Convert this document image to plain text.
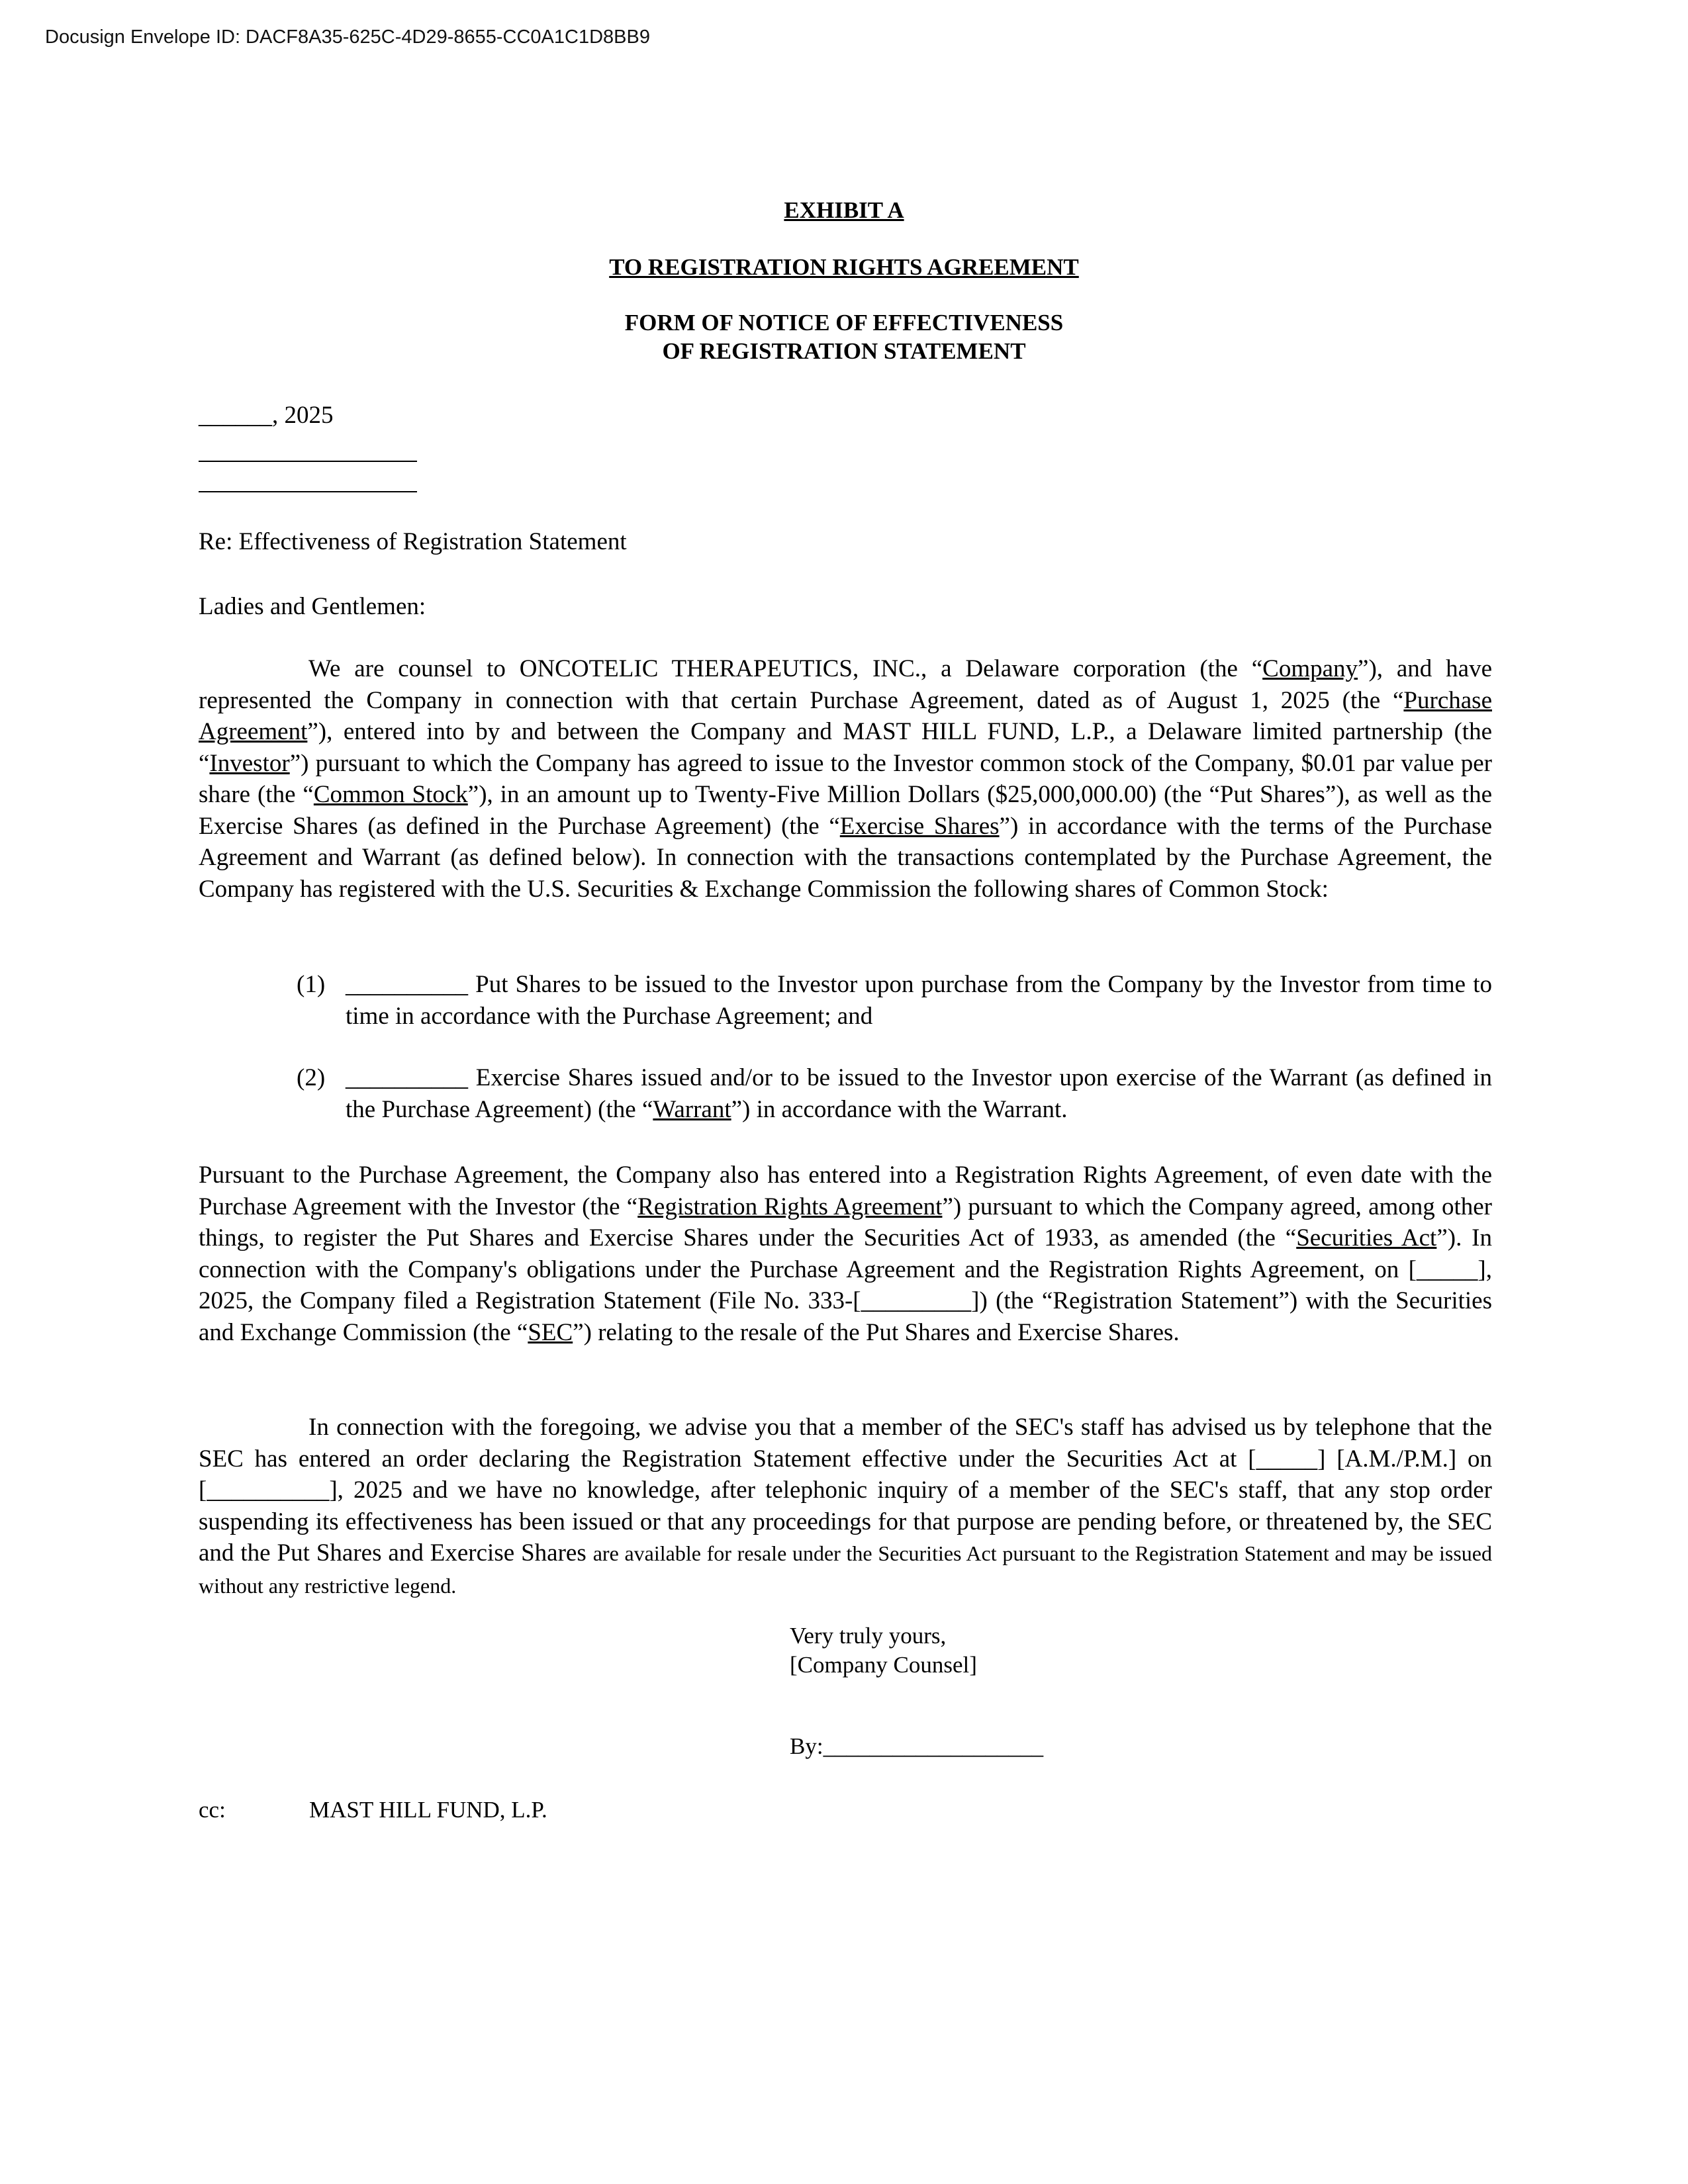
Docusign Envelope ID: DACF8A35-625C-4D29-8655-CC0A1C1D8BB9
EXHIBIT A
TO REGISTRATION RIGHTS AGREEMENT
FORM OF NOTICE OF EFFECTIVENESS
OF REGISTRATION STATEMENT
______, 2025
Re: Effectiveness of Registration Statement
Ladies and Gentlemen:
We are counsel to ONCOTELIC THERAPEUTICS, INC., a Delaware corporation (the “Company”), and have represented the Company in connection with that certain Purchase Agreement, dated as of August 1, 2025 (the “Purchase Agreement”), entered into by and between the Company and MAST HILL FUND, L.P., a Delaware limited partnership (the “Investor”) pursuant to which the Company has agreed to issue to the Investor common stock of the Company, $0.01 par value per share (the “Common Stock”), in an amount up to Twenty-Five Million Dollars ($25,000,000.00) (the “Put Shares”), as well as the Exercise Shares (as defined in the Purchase Agreement) (the “Exercise Shares”) in accordance with the terms of the Purchase Agreement and Warrant (as defined below). In connection with the transactions contemplated by the Purchase Agreement, the Company has registered with the U.S. Securities & Exchange Commission the following shares of Common Stock:
(1) __________ Put Shares to be issued to the Investor upon purchase from the Company by the Investor from time to time in accordance with the Purchase Agreement; and
(2) __________ Exercise Shares issued and/or to be issued to the Investor upon exercise of the Warrant (as defined in the Purchase Agreement) (the “Warrant”) in accordance with the Warrant.
Pursuant to the Purchase Agreement, the Company also has entered into a Registration Rights Agreement, of even date with the Purchase Agreement with the Investor (the “Registration Rights Agreement”) pursuant to which the Company agreed, among other things, to register the Put Shares and Exercise Shares under the Securities Act of 1933, as amended (the “Securities Act”). In connection with the Company's obligations under the Purchase Agreement and the Registration Rights Agreement, on [_____], 2025, the Company filed a Registration Statement (File No. 333-[_________]) (the “Registration Statement”) with the Securities and Exchange Commission (the “SEC”) relating to the resale of the Put Shares and Exercise Shares.
In connection with the foregoing, we advise you that a member of the SEC's staff has advised us by telephone that the SEC has entered an order declaring the Registration Statement effective under the Securities Act at [_____] [A.M./P.M.] on [__________], 2025 and we have no knowledge, after telephonic inquiry of a member of the SEC's staff, that any stop order suspending its effectiveness has been issued or that any proceedings for that purpose are pending before, or threatened by, the SEC and the Put Shares and Exercise Shares are available for resale under the Securities Act pursuant to the Registration Statement and may be issued without any restrictive legend.
Very truly yours,
[Company Counsel]
By:___________________
cc:	MAST HILL FUND, L.P.
